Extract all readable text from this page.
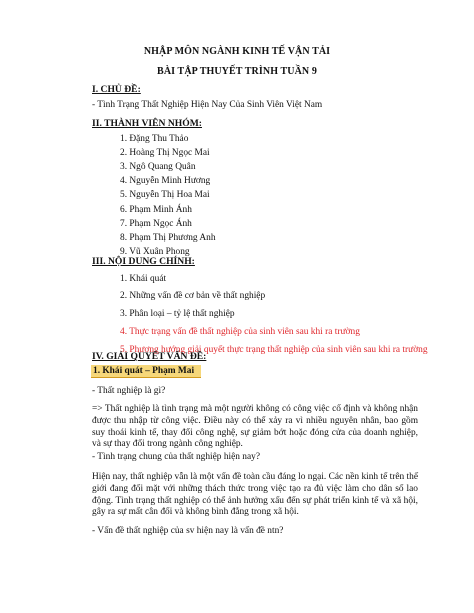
NHẬP MÔN NGÀNH KINH TẾ VẬN TẢI
BÀI TẬP THUYẾT TRÌNH TUẦN 9
I. CHỦ ĐỀ:
- Tình Trạng Thất Nghiệp Hiện Nay Của Sinh Viên Việt Nam
II. THÀNH VIÊN NHÓM:
1. Đặng Thu Thảo
2. Hoàng Thị Ngọc Mai
3. Ngô Quang Quân
4. Nguyễn Minh Hương
5. Nguyễn Thị Hoa Mai
6. Phạm Minh Ánh
7. Phạm Ngọc Ánh
8. Phạm Thị Phương Anh
9. Vũ Xuân Phong
III. NỘI DUNG CHÍNH:
1. Khái quát
2. Những vấn đề cơ bản về thất nghiệp
3. Phân loại – tỷ lệ thất nghiệp
4. Thực trạng vấn đề thất nghiệp của sinh viên sau khi ra trường
5. Phương hướng giải quyết thực trạng thất nghiệp của sinh viên sau khi ra trường
IV. GIẢI QUYẾT VẤN ĐỀ:
1. Khái quát – Phạm Mai
- Thất nghiệp là gì?
=> Thất nghiệp là tình trạng mà một người không có công việc cố định và không nhận được thu nhập từ công việc. Điều này có thể xảy ra vì nhiều nguyên nhân, bao gồm suy thoái kinh tế, thay đổi công nghệ, sự giảm bớt hoặc đóng cửa của doanh nghiệp, và sự thay đổi trong ngành công nghiệp.
- Tình trạng chung của thất nghiệp hiện nay?
Hiện nay, thất nghiệp vẫn là một vấn đề toàn cầu đáng lo ngại. Các nền kinh tế trên thế giới đang đối mặt với những thách thức trong việc tạo ra đủ việc làm cho dân số lao động. Tình trạng thất nghiệp có thể ảnh hưởng xấu đến sự phát triển kinh tế và xã hội, gây ra sự mất cân đối và không bình đẳng trong xã hội.
- Vấn đề thất nghiệp của sv hiện nay là vấn đề ntn?
